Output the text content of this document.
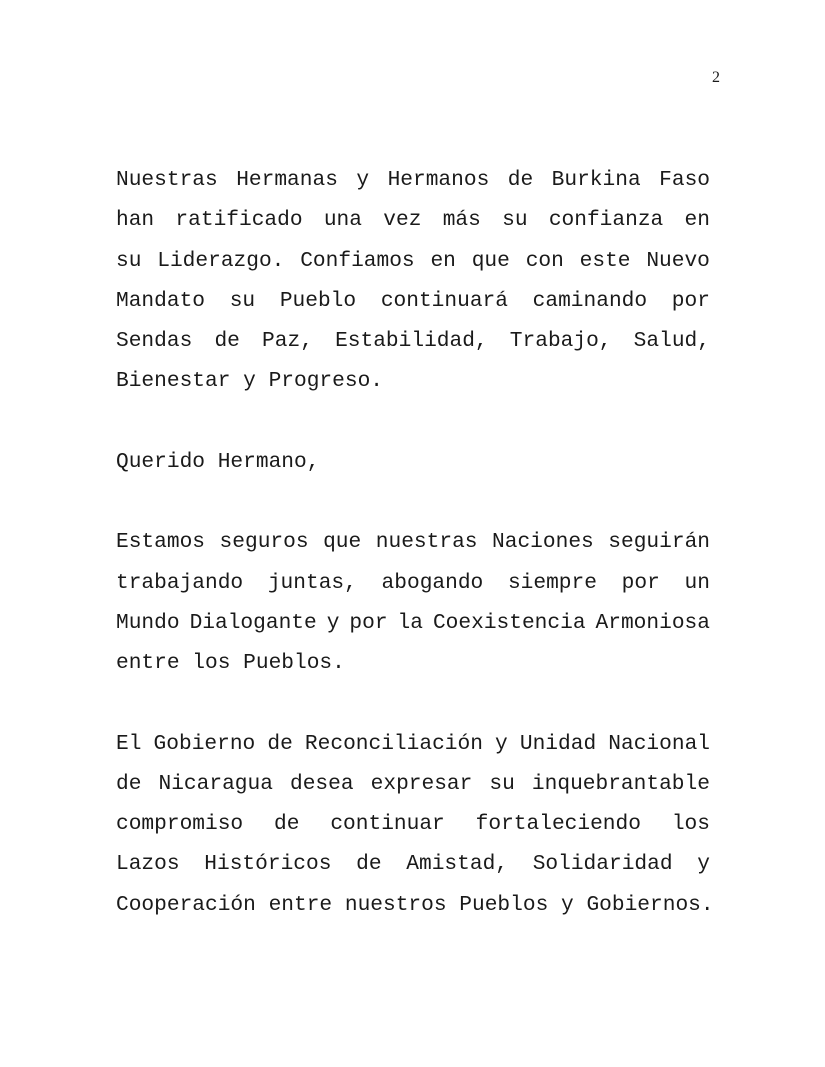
2

Nuestras Hermanas y Hermanos de Burkina Faso
han ratificado una vez más su confianza en
su Liderazgo. Confiamos en que con este Nuevo
Mandato su Pueblo continuará caminando por
Sendas de Paz, Estabilidad, Trabajo, Salud,
Bienestar y Progreso.

Querido Hermano,

Estamos seguros que nuestras Naciones seguirán
trabajando juntas, abogando siempre por un
Mundo Dialogante y por la Coexistencia Armoniosa
entre los Pueblos.

El Gobierno de Reconciliación y Unidad Nacional
de Nicaragua desea expresar su inquebrantable
compromiso de continuar fortaleciendo los
Lazos Históricos de Amistad, Solidaridad y
Cooperación entre nuestros Pueblos y Gobiernos.
